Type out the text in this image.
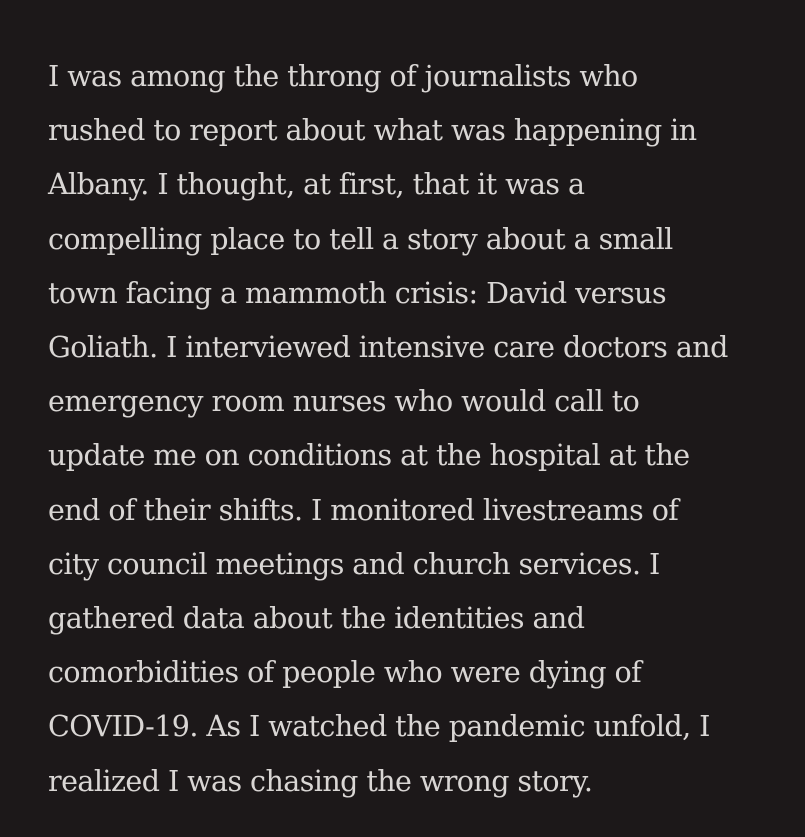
I was among the throng of journalists who
rushed to report about what was happening in
Albany. I thought, at first, that it was a
compelling place to tell a story about a small
town facing a mammoth crisis: David versus
Goliath. I interviewed intensive care doctors and
emergency room nurses who would call to
update me on conditions at the hospital at the
end of their shifts. I monitored livestreams of
city council meetings and church services. I
gathered data about the identities and
comorbidities of people who were dying of
COVID-19. As I watched the pandemic unfold, I
realized I was chasing the wrong story.
